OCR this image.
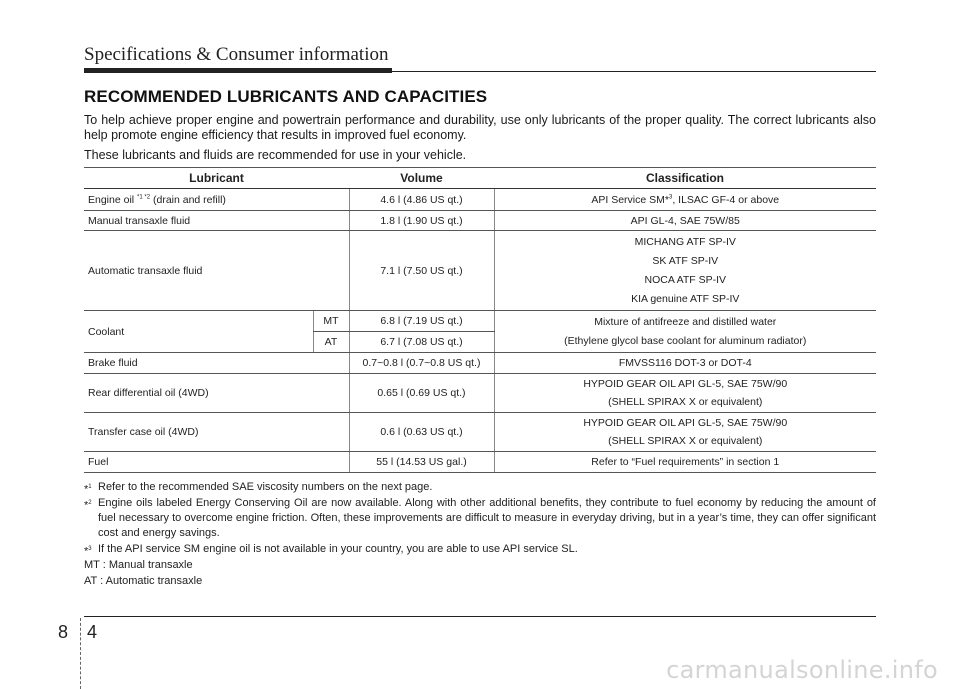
Specifications & Consumer information
RECOMMENDED LUBRICANTS AND CAPACITIES
To help achieve proper engine and powertrain performance and durability, use only lubricants of the proper quality. The correct lubricants also help promote engine efficiency that results in improved fuel economy.
These lubricants and fluids are recommended for use in your vehicle.
Lubricant		Volume	Classification
Engine oil $^{*1 *2}$ (drain and refill)		4.6 l (4.86 US qt.)	API Service SM*$^3$, ILSAC GF-4 or above
Manual transaxle fluid		1.8 l (1.90 US qt.)	API GL-4, SAE 75W/85
Automatic transaxle fluid		7.1 l (7.50 US qt.)	MICHANG ATF SP-IV
SK ATF SP-IV
NOCA ATF SP-IV
KIA genuine ATF SP-IV

Coolant	MT	6.8 l (7.19 US qt.)	Mixture of antifreeze and distilled water
(Ethylene glycol base coolant for aluminum radiator)

	AT	6.7 l (7.08 US qt.)	
Brake fluid		0.7~0.8 l (0.7~0.8 US qt.)	FMVSS116 DOT-3 or DOT-4
Rear differential oil (4WD)		0.65 l (0.69 US qt.)	HYPOID GEAR OIL API GL-5, SAE 75W/90
(SHELL SPIRAX X or equivalent)

Transfer case oil (4WD)		0.6 l (0.63 US qt.)	HYPOID GEAR OIL API GL-5, SAE 75W/90
(SHELL SPIRAX X or equivalent)

Fuel		55 l (14.53 US gal.)	Refer to “Fuel requirements” in section 1
*$^1$ Refer to the recommended SAE viscosity numbers on the next page.
*$^2$ Engine oils labeled Energy Conserving Oil are now available. Along with other additional benefits, they contribute to fuel economy by reducing the amount of fuel necessary to overcome engine friction. Often, these improvements are difficult to measure in everyday driving, but in a year’s time, they can offer significant cost and energy savings.
*$^3$ If the API service SM engine oil is not available in your country, you are able to use API service SL.
MT : Manual transaxle
AT : Automatic transaxle
8 4
carmanualsonline.info
